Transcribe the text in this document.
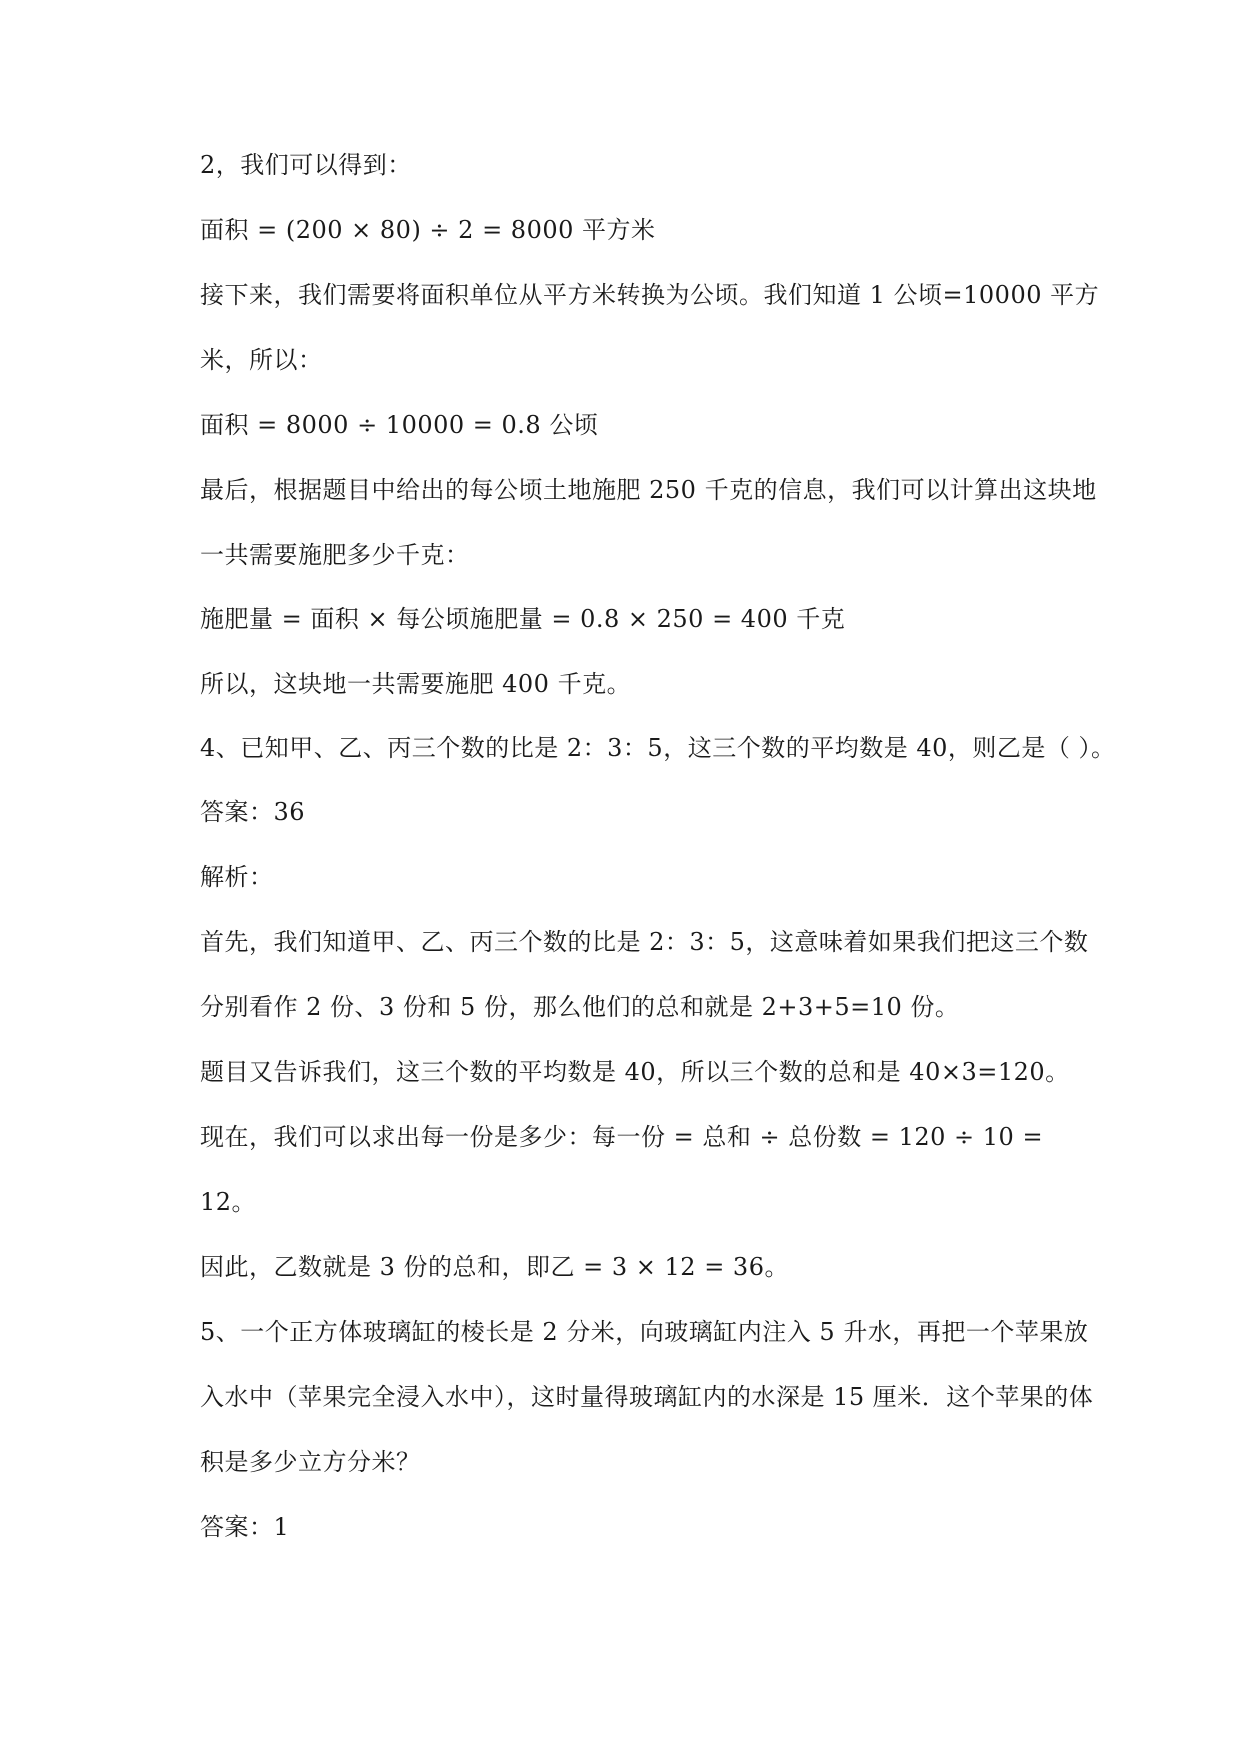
2，我们可以得到：
面积 = (200 × 80) ÷ 2 = 8000 平方米
接下来，我们需要将面积单位从平方米转换为公顷。我们知道 1 公顷=10000 平方
米，所以：
面积 = 8000 ÷ 10000 = 0.8 公顷
最后，根据题目中给出的每公顷土地施肥 250 千克的信息，我们可以计算出这块地
一共需要施肥多少千克：
施肥量 = 面积 × 每公顷施肥量 = 0.8 × 250 = 400 千克
所以，这块地一共需要施肥 400 千克。
4、已知甲、乙、丙三个数的比是 2：3：5，这三个数的平均数是 40，则乙是（ ）。
答案：36
解析：
首先，我们知道甲、乙、丙三个数的比是 2：3：5，这意味着如果我们把这三个数
分别看作 2 份、3 份和 5 份，那么他们的总和就是 2+3+5=10 份。
题目又告诉我们，这三个数的平均数是 40，所以三个数的总和是 40×3=120。
现在，我们可以求出每一份是多少：每一份 = 总和 ÷ 总份数 = 120 ÷ 10 =
12。
因此，乙数就是 3 份的总和，即乙 = 3 × 12 = 36。
5、一个正方体玻璃缸的棱长是 2 分米，向玻璃缸内注入 5 升水，再把一个苹果放
入水中（苹果完全浸入水中），这时量得玻璃缸内的水深是 15 厘米．这个苹果的体
积是多少立方分米？
答案：1
